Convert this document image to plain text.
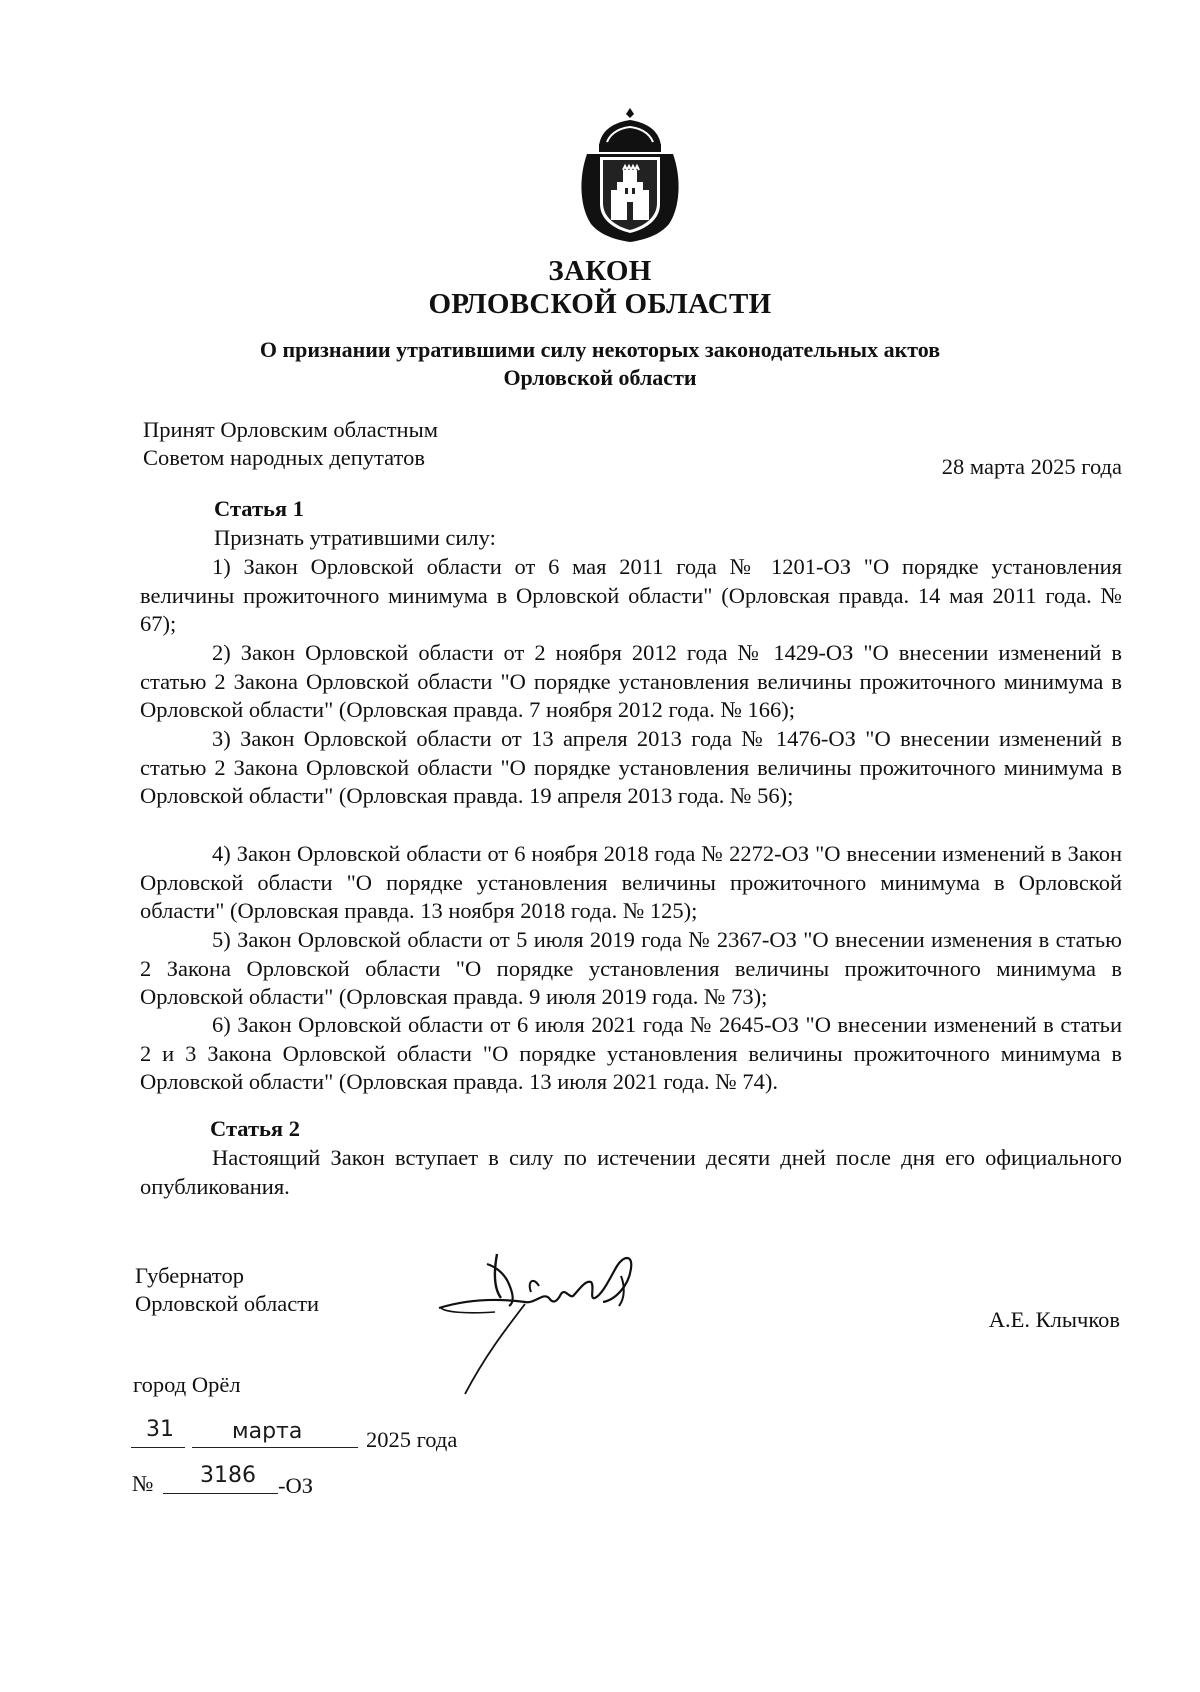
ЗАКОН
ОРЛОВСКОЙ ОБЛАСТИ
О признании утратившими силу некоторых законодательных актов
Орловской области
Принят Орловским областным
Советом народных депутатов	28 марта 2025 года
Статья 1
Признать утратившими силу:
1) Закон Орловской области от 6 мая 2011 года № 1201-ОЗ "О порядке установления величины прожиточного минимума в Орловской области" (Орловская правда. 14 мая 2011 года. № 67);
2) Закон Орловской области от 2 ноября 2012 года № 1429-ОЗ "О внесении изменений в статью 2 Закона Орловской области "О порядке установления величины прожиточного минимума в Орловской области" (Орловская правда. 7 ноября 2012 года. № 166);
3) Закон Орловской области от 13 апреля 2013 года № 1476-ОЗ "О внесении изменений в статью 2 Закона Орловской области "О порядке установления величины прожиточного минимума в Орловской области" (Орловская правда. 19 апреля 2013 года. № 56);
4) Закон Орловской области от 6 ноября 2018 года № 2272-ОЗ "О внесении изменений в Закон Орловской области "О порядке установления величины прожиточного минимума в Орловской области" (Орловская правда. 13 ноября 2018 года. № 125);
5) Закон Орловской области от 5 июля 2019 года № 2367-ОЗ "О внесении изменения в статью 2 Закона Орловской области "О порядке установления величины прожиточного минимума в Орловской области" (Орловская правда. 9 июля 2019 года. № 73);
6) Закон Орловской области от 6 июля 2021 года № 2645-ОЗ "О внесении изменений в статьи 2 и 3 Закона Орловской области "О порядке установления величины прожиточного минимума в Орловской области" (Орловская правда. 13 июля 2021 года. № 74).
Статья 2
Настоящий Закон вступает в силу по истечении десяти дней после дня его официального опубликования.
Губернатор
Орловской области
А.Е. Клычков
город Орёл
31	марта	2025 года
№ 3186 -ОЗ
